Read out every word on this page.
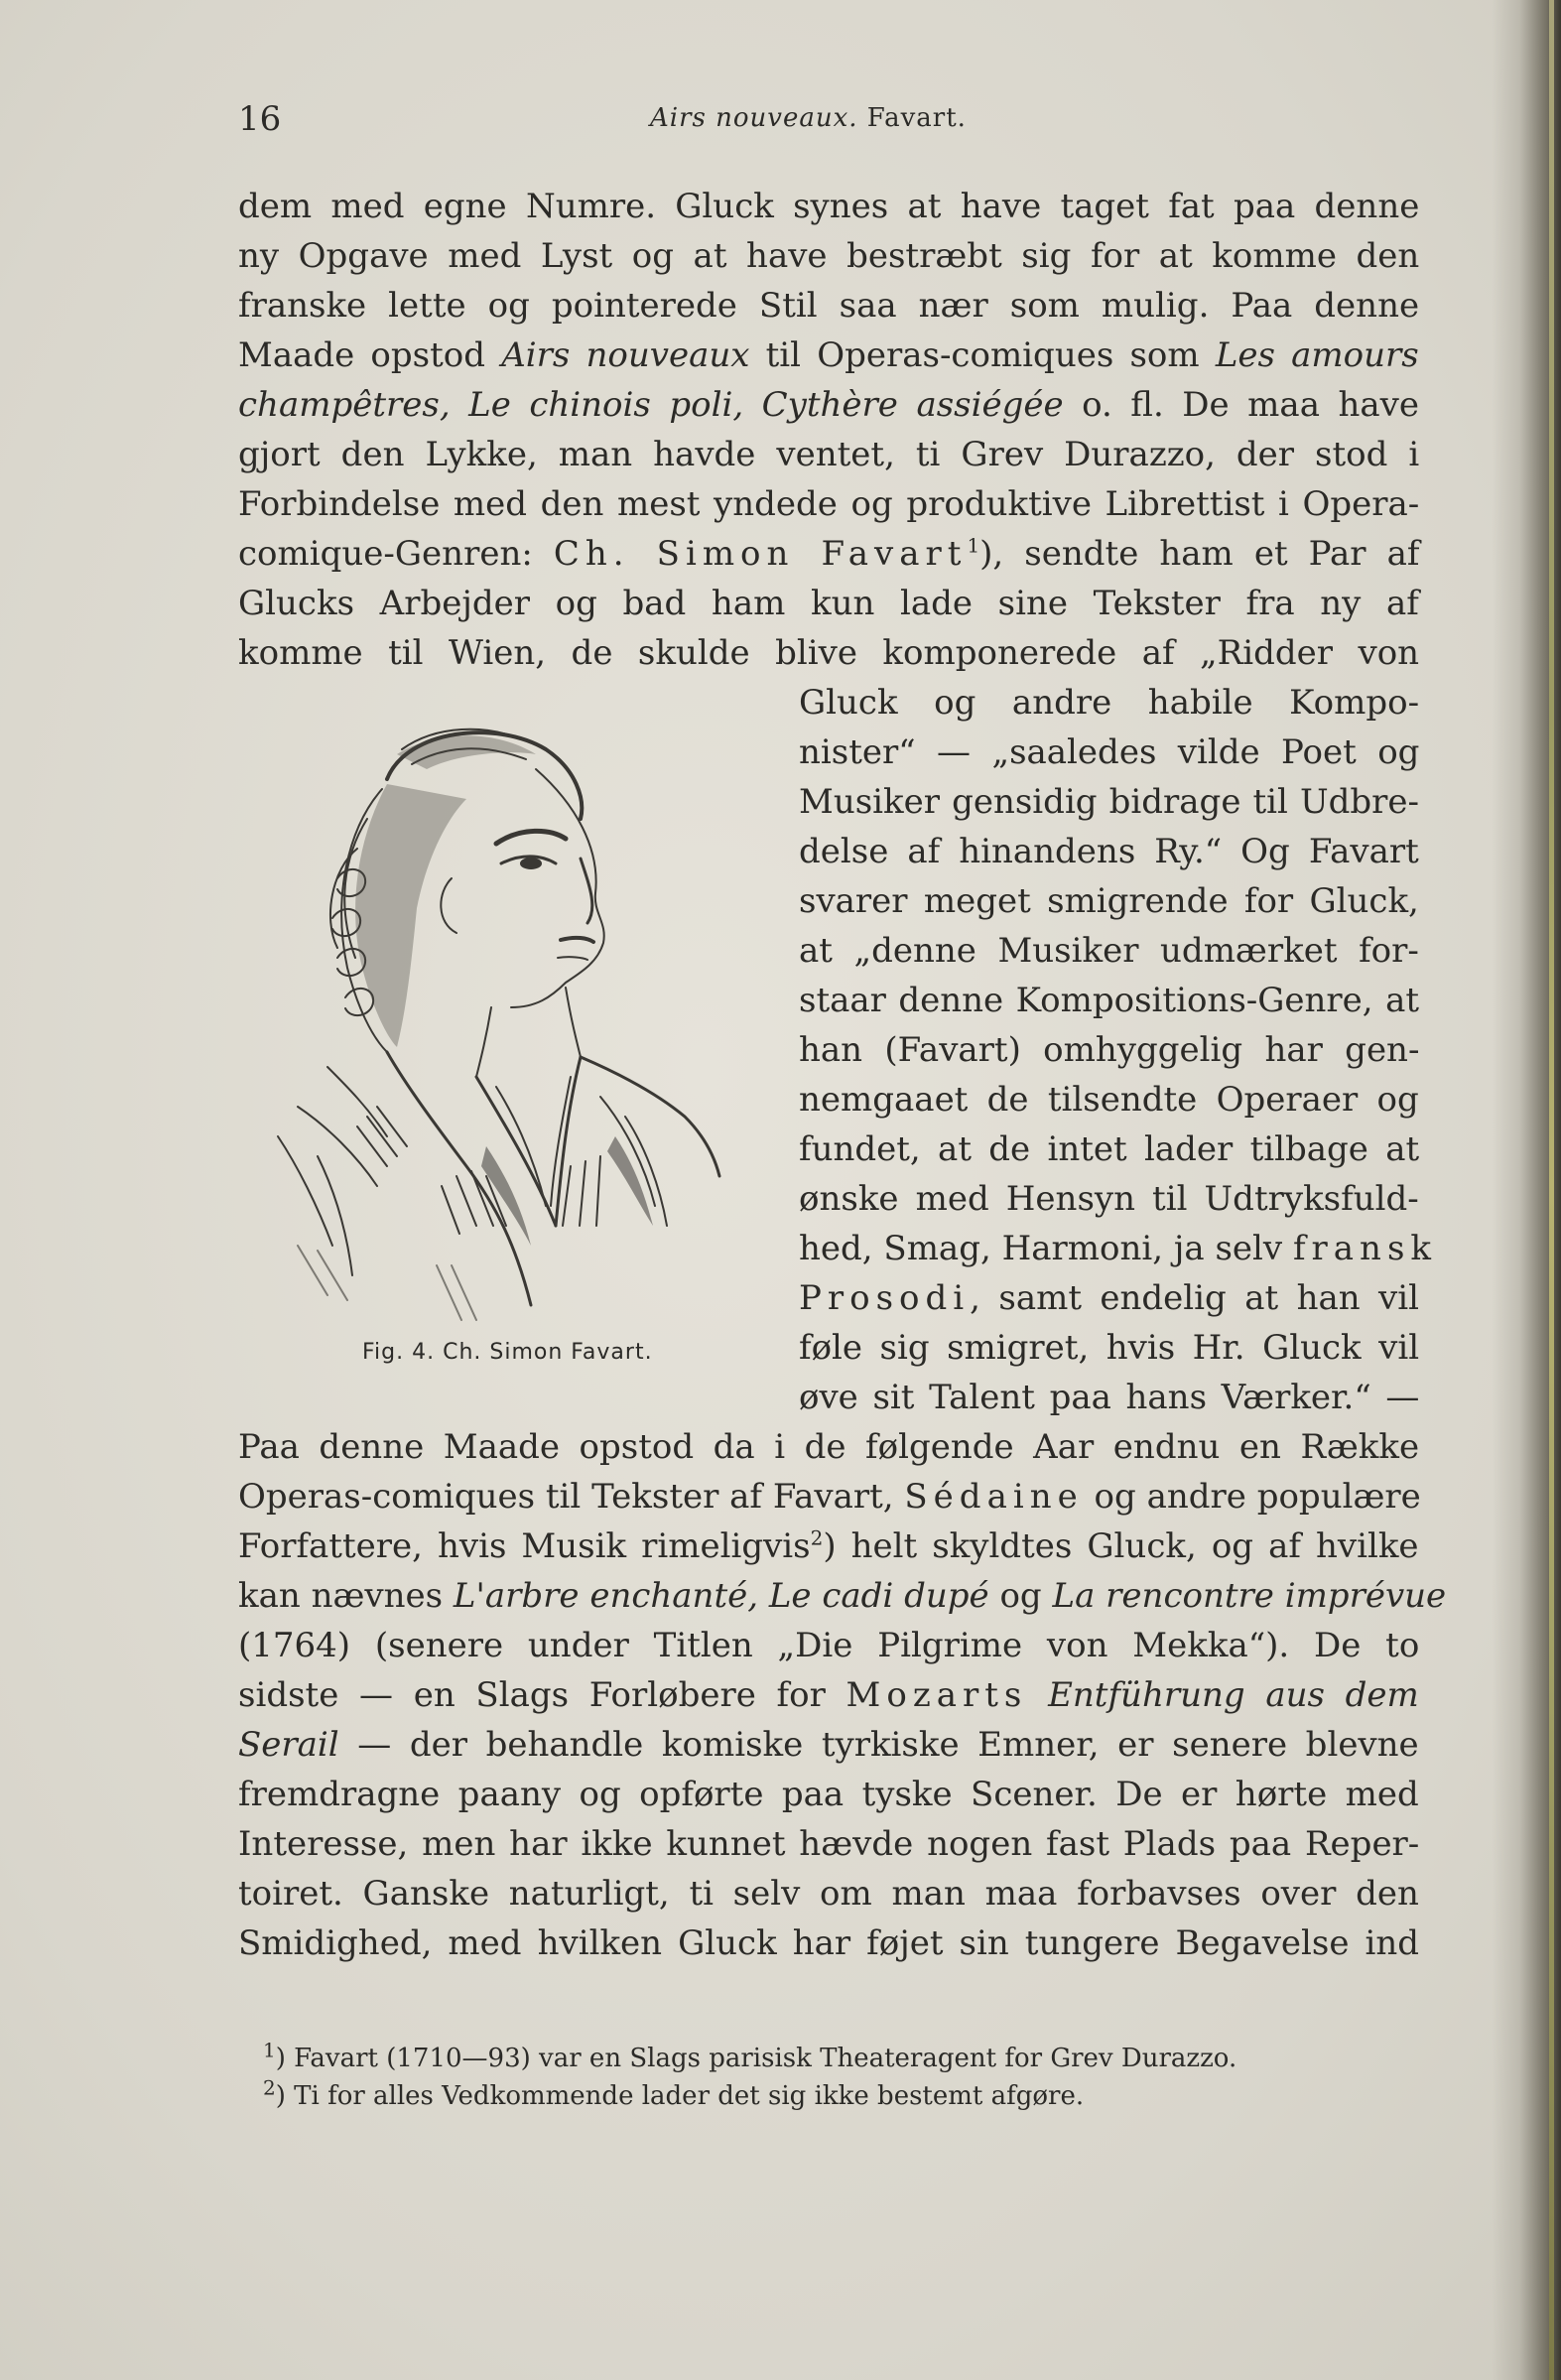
16	Airs nouveaux. Favart.
dem med egne Numre. Gluck synes at have taget fat paa denne
ny Opgave med Lyst og at have bestræbt sig for at komme den
franske lette og pointerede Stil saa nær som mulig. Paa denne
Maade opstod Airs nouveaux til Operas-comiques som Les amours
champêtres, Le chinois poli, Cythère assiégée o. fl. De maa have
gjort den Lykke, man havde ventet, ti Grev Durazzo, der stod i
Forbindelse med den mest yndede og produktive Librettist i Opera-
comique-Genren: Ch. Simon Favart$^1$), sendte ham et Par af
Glucks Arbejder og bad ham kun lade sine Tekster fra ny af
komme til Wien, de skulde blive komponerede af „Ridder von
Gluck og andre habile Kompo-
nister“ — „saaledes vilde Poet og
Musiker gensidig bidrage til Udbre-
delse af hinandens Ry.“ Og Favart
svarer meget smigrende for Gluck,
at „denne Musiker udmærket for-
staar denne Kompositions-Genre, at
han (Favart) omhyggelig har gen-
nemgaaet de tilsendte Operaer og
fundet, at de intet lader tilbage at
ønske med Hensyn til Udtryksfuld-
hed, Smag, Harmoni, ja selv fransk
Prosodi, samt endelig at han vil
føle sig smigret, hvis Hr. Gluck vil
øve sit Talent paa hans Værker.“ —
Paa denne Maade opstod da i de følgende Aar endnu en Række
Operas-comiques til Tekster af Favart, Sédaine og andre populære
Forfattere, hvis Musik rimeligvis$^2$) helt skyldtes Gluck, og af hvilke
kan nævnes L'arbre enchanté, Le cadi dupé og La rencontre imprévue
(1764) (senere under Titlen „Die Pilgrime von Mekka“). De to
sidste — en Slags Forløbere for Mozarts Entführung aus dem
Serail — der behandle komiske tyrkiske Emner, er senere blevne
fremdragne paany og opførte paa tyske Scener. De er hørte med
Interesse, men har ikke kunnet hævde nogen fast Plads paa Reper-
toiret. Ganske naturligt, ti selv om man maa forbavses over den
Smidighed, med hvilken Gluck har føjet sin tungere Begavelse ind
Fig. 4. Ch. Simon Favart.
$^1$) Favart (1710—93) var en Slags parisisk Theateragent for Grev Durazzo.
$^2$) Ti for alles Vedkommende lader det sig ikke bestemt afgøre.
